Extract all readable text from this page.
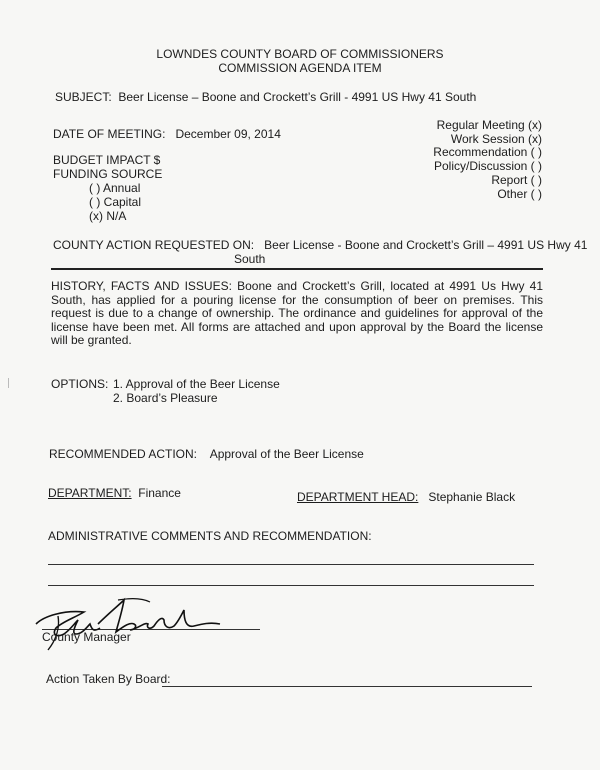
LOWNDES COUNTY BOARD OF COMMISSIONERS
COMMISSION AGENDA ITEM
SUBJECT: Beer License – Boone and Crockett’s Grill - 4991 US Hwy 41 South
DATE OF MEETING: December 09, 2014
Regular Meeting (x)
Work Session (x)
Recommendation ( )
Policy/Discussion ( )
Report ( )
Other ( )
BUDGET IMPACT $
FUNDING SOURCE
( ) Annual
( ) Capital
(x) N/A
COUNTY ACTION REQUESTED ON: Beer License - Boone and Crockett’s Grill – 4991 US Hwy 41
South
HISTORY, FACTS AND ISSUES: Boone and Crockett’s Grill, located at 4991 Us Hwy 41 South, has applied for a pouring license for the consumption of beer on premises. This request is due to a change of ownership. The ordinance and guidelines for approval of the license have been met. All forms are attached and upon approval by the Board the license will be granted.
OPTIONS: 1. Approval of the Beer License
2. Board’s Pleasure
RECOMMENDED ACTION: Approval of the Beer License
DEPARTMENT: Finance	DEPARTMENT HEAD: Stephanie Black
ADMINISTRATIVE COMMENTS AND RECOMMENDATION:
County Manager
Action Taken By Board:
